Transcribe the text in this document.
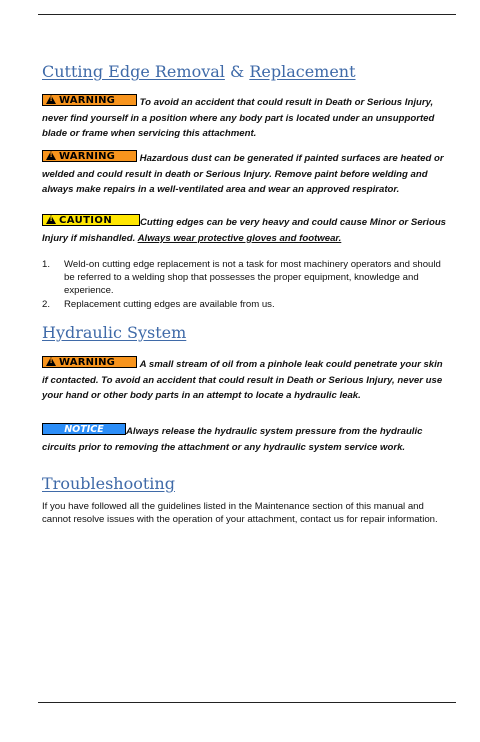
Cutting Edge Removal & Replacement

!WARNING	To avoid an accident that could result in Death or Serious Injury, never find yourself in a position where any body part is located under an unsupported blade or frame when servicing this attachment.

!WARNING	Hazardous dust can be generated if painted surfaces are heated or welded and could result in death or Serious Injury. Remove paint before welding and always make repairs in a well-ventilated area and wear an approved respirator.

!CAUTION	Cutting edges can be very heavy and could cause Minor or Serious Injury if mishandled. Always wear protective gloves and footwear.

1. Weld-on cutting edge replacement is not a task for most machinery operators and should be referred to a welding shop that possesses the proper equipment, knowledge and experience.
2. Replacement cutting edges are available from us.
Hydraulic System

!WARNING	A small stream of oil from a pinhole leak could penetrate your skin if contacted. To avoid an accident that could result in Death or Serious Injury, never use your hand or other body parts in an attempt to locate a hydraulic leak.

NOTICE Always release the hydraulic system pressure from the hydraulic circuits prior to removing the attachment or any hydraulic system service work.

Troubleshooting

If you have followed all the guidelines listed in the Maintenance section of this manual and cannot resolve issues with the operation of your attachment, contact us for repair information.
